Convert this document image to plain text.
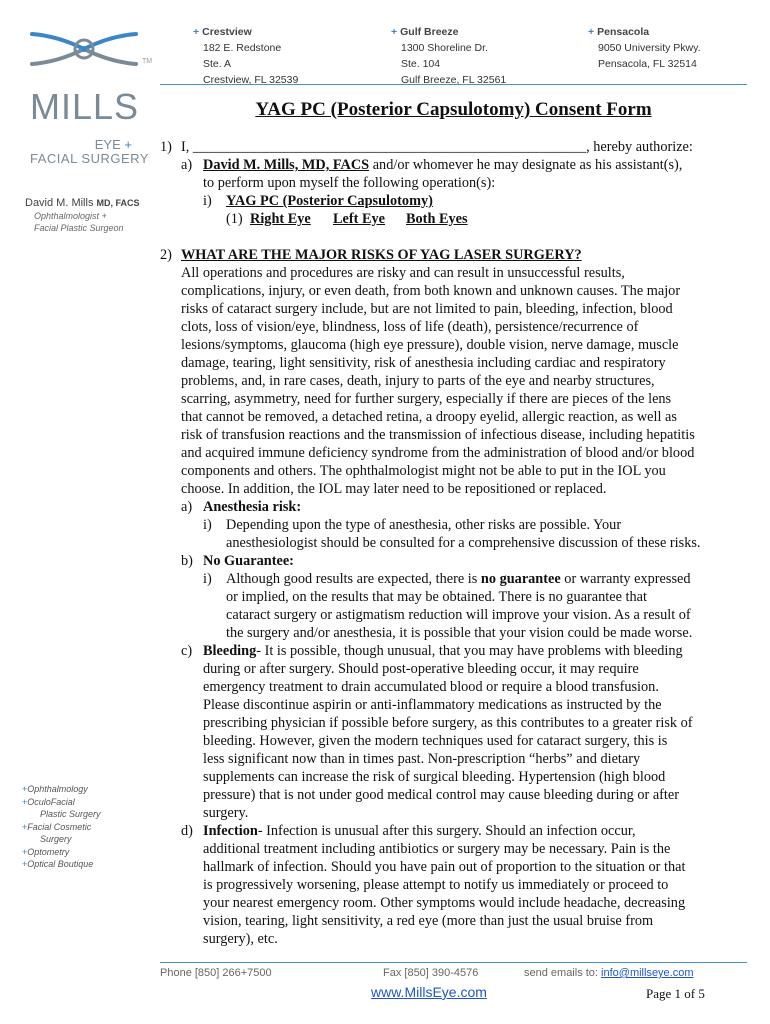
+ Crestview
182 E. Redstone
Ste. A
Crestview, FL 32539
+ Gulf Breeze
1300 Shoreline Dr.
Ste. 104
Gulf Breeze, FL 32561
+ Pensacola
9050 University Pkwy.
Pensacola, FL 32514
TM
MILLS
EYE +
FACIAL SURGERY
David M. Mills MD, FACS
Ophthalmologist +
Facial Plastic Surgeon
+Ophthalmology
+OculoFacial
Plastic Surgery
+Facial Cosmetic
Surgery
+Optometry
+Optical Boutique
YAG PC (Posterior Capsulotomy) Consent Form
1) I, _______________________________________________________, hereby authorize:
a) David M. Mills, MD, FACS and/or whomever he may designate as his assistant(s),
to perform upon myself the following operation(s):
i) YAG PC (Posterior Capsulotomy)
(1) Right Eye Left Eye Both Eyes
2) WHAT ARE THE MAJOR RISKS OF YAG LASER SURGERY?
All operations and procedures are risky and can result in unsuccessful results,
complications, injury, or even death, from both known and unknown causes. The major
risks of cataract surgery include, but are not limited to pain, bleeding, infection, blood
clots, loss of vision/eye, blindness, loss of life (death), persistence/recurrence of
lesions/symptoms, glaucoma (high eye pressure), double vision, nerve damage, muscle
damage, tearing, light sensitivity, risk of anesthesia including cardiac and respiratory
problems, and, in rare cases, death, injury to parts of the eye and nearby structures,
scarring, asymmetry, need for further surgery, especially if there are pieces of the lens
that cannot be removed, a detached retina, a droopy eyelid, allergic reaction, as well as
risk of transfusion reactions and the transmission of infectious disease, including hepatitis
and acquired immune deficiency syndrome from the administration of blood and/or blood
components and others. The ophthalmologist might not be able to put in the IOL you
choose. In addition, the IOL may later need to be repositioned or replaced.
a) Anesthesia risk:
i) Depending upon the type of anesthesia, other risks are possible. Your
anesthesiologist should be consulted for a comprehensive discussion of these risks.
b) No Guarantee:
i) Although good results are expected, there is no guarantee or warranty expressed
or implied, on the results that may be obtained. There is no guarantee that
cataract surgery or astigmatism reduction will improve your vision. As a result of
the surgery and/or anesthesia, it is possible that your vision could be made worse.
c) Bleeding- It is possible, though unusual, that you may have problems with bleeding
during or after surgery. Should post-operative bleeding occur, it may require
emergency treatment to drain accumulated blood or require a blood transfusion.
Please discontinue aspirin or anti-inflammatory medications as instructed by the
prescribing physician if possible before surgery, as this contributes to a greater risk of
bleeding. However, given the modern techniques used for cataract surgery, this is
less significant now than in times past. Non-prescription “herbs” and dietary
supplements can increase the risk of surgical bleeding. Hypertension (high blood
pressure) that is not under good medical control may cause bleeding during or after
surgery.
d) Infection- Infection is unusual after this surgery. Should an infection occur,
additional treatment including antibiotics or surgery may be necessary. Pain is the
hallmark of infection. Should you have pain out of proportion to the situation or that
is progressively worsening, please attempt to notify us immediately or proceed to
your nearest emergency room. Other symptoms would include headache, decreasing
vision, tearing, light sensitivity, a red eye (more than just the usual bruise from
surgery), etc.
Phone [850] 266+7500	Fax [850] 390-4576	send emails to: info@millseye.com
www.MillsEye.com	Page 1 of 5
